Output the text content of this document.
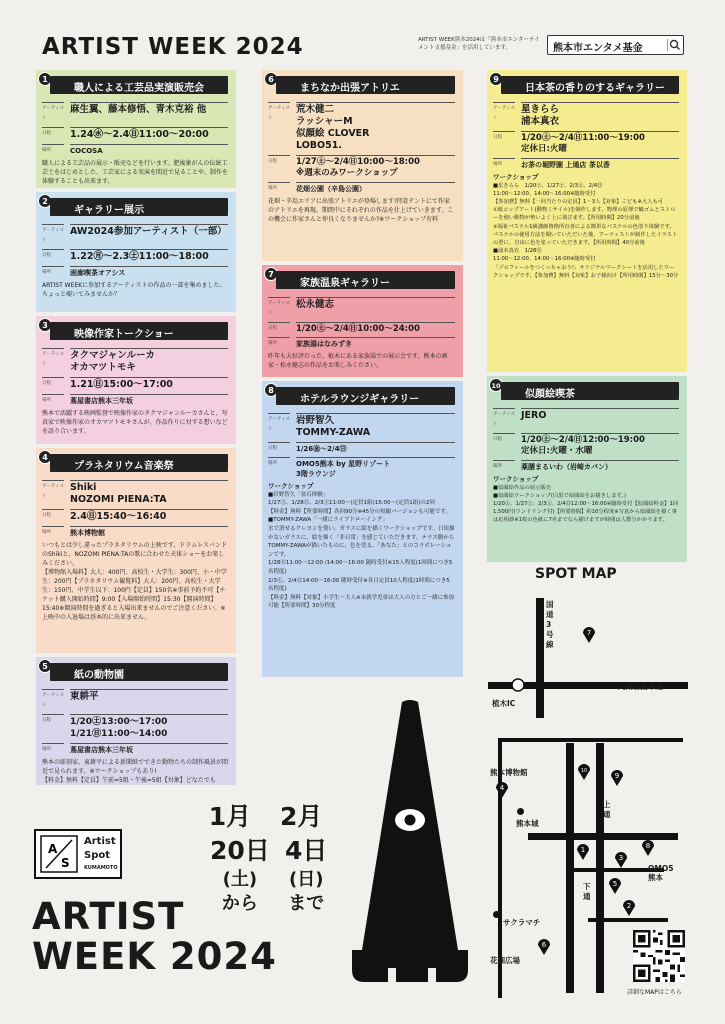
ARTIST WEEK 2024	ARTIST WEEK熊本2024は「熊本市エンターテイメント支援基金」を活用しています。	熊本市エンタメ基金
1
職人による工芸品実演販売会
アーティスト
麻生翼、藤本修悟、青木克裕 他
日程	1.24㊌〜2.4㊐11:00〜20:00
場所	COCOSA
職人による工芸品の展示・販売などを行います。肥後象がんの伝統工芸士をはじめとした、工芸家による実演を間近で見ることや、制作を体験することも出来ます。
2
ギャラリー展示
アーティスト
AW2024参加アーティスト（一部）
日程	1.22㊊〜2.3㊏11:00〜18:00
場所	画廊喫茶オアシス
ARTIST WEEKに参加するアーティストの作品の一部を集めました。ちょっと覗いてみませんか？
3
映像作家トークショー
アーティスト
タクマジャンルーカ
オカマツトモキ
日程	1.21㊐15:00〜17:00
場所	蔦屋書店熊本三年坂
熊本で活躍する映画監督で映像作家のタクマジャンルーカさんと、写真家で映像作家のオカマツトモキさんが、作品作りに対する想いなどを語り合います。
4
プラネタリウム音楽祭
アーティスト
Shiki
NOZOMI PIENA:TA
日程	2.4㊐15:40〜16:40
場所	熊本博物館
いつもとは少し違ったプラネタリウムの上映です。ドラムレスバンドのShikiと、NOZOMI PIENA:TAの歌に合わせた天体ショーをお楽しみください。
【博物館入場料】大人：400円、高校生・大学生：300円、小・中学生：200円【プラネタリウム観覧料】大人：200円、高校生・大学生：150円、中学生以下：100円【定員】150名※事前予約不可【チケット購入開始時間】9:00【入場開始時間】15:30【開演時間】15:40※開演時間を過ぎると入場出来ませんのでご注意ください。※上映中の入退場は基本的に出来ません。
5
紙の動物園
アーティスト
東耕平
日程	1/20㊏13:00〜17:00
1/21㊐11:00〜14:00
場所	蔦屋書店熊本三年坂
熊本の彫刻家、東耕平による新聞紙でできた動物たちの制作風景が間近で見られます。※ワークショップもあり!
【料金】無料【定員】午前=5組・午後=5組【対象】どなたでも
6
まちなか出張アトリエ
アーティスト
荒木健二
ラッシャーM
似顔絵 CLOVER
LOBO51.
日程	1/27㊏〜2/4㊐10:00〜18:00
※週末のみワークショップ
場所	花畑公園（辛島公園）
花畑・辛島エリアに出張アトリエが登場します!特設テントにて作家のアトリエを再現。期間中にそれぞれの作品を仕上げていきます。この機会に作家さんと仲良くなりませんか?※ワークショップ有料
7
家族温泉ギャラリー
アーティスト
松永健志
日程	1/20㊏〜2/4㊐10:00〜24:00
場所	家族湯はなみずき
昨年も大好評だった、植木にある家族湯での展示会です。熊本の画家・松永健志の作品をお楽しみください。
8
ホテルラウンジギャラリー
アーティスト
岩野智久
TOMMY-ZAWA
日程	1/26㊎〜2/4㊐
場所	OMO5熊本 by 星野リゾート
3階ラウンジ
ワークショップ
■岩野智久「盆石体験」
1/27㊏、1/28㊐、2/3㊏11:00〜(定員1組)15:00〜(定員1組)の2回
【料金】無料【所要時間】各回90分※45分の短縮バージョンも可能です。
■TOMMY-ZAWA「一緒にライブドローイング」
水で消せるクレヨンを使い、ガラスに絵を描くワークショップです。日頃描かないガラスに、絵を描く「非日常」を感じていただきます。テラス側からTOMMY-ZAWAが描いたものに、色を塗る、「あなた」とのコラボレーションです。
1/28㊐11:00〜12:00 /14:00〜16:00 随時受付※15人程度(1時間につき5名程度)
2/3㊏、2/4㊐14:00〜16:00 随時受付※各日定員10人程度(1時間につき5名程度)
【料金】無料【対象】小学生〜大人※未就学児童は大人の方とご一緒に参加可能【所要時間】30分程度
9
日本茶の香りのするギャラリー
アーティスト
星きらら
浦本真衣
日程	1/20㊏〜2/4㊐11:00〜19:00
定休日:火曜
場所	お茶の堀野園 上通店 茶以香
ワークショップ
■星きらら　1/20㊏、1/27㊏、2/3㊏、2/4㊐
11:00〜12:00、14:00〜16:00※随時受付
【参加費】無料【一回当たりの定員】1〜3人【対象】こども※大人も可
①紙コップアート(動物ミサイル)を制作します。物理の原理で輪ゴムとストローを使い動物が勢いよく上に飛びます。【所用時間】20分前後
②福祉パステル1級講師資格所有者による簡単なパステルの色塗り体験です。パステルの使用方法を聞いていただいた後、アーティストが制作したイラストの型に、自由に色を塗っていただきます。【所用時間】40分前後
■浦本真衣　1/28㊐
11:00〜12:00、14:00〜16:00※随時受付
「プロフィールをつくっちゃおう!」オリジナルワークシートを活用したワークショップです。【参加費】無料【対象】お子様向け【所用時間】15分〜30分
10
似顔絵喫茶
アーティスト
JERO
日程	1/20㊏〜2/4㊐12:00〜19:00
定休日:火曜・水曜
場所	薬膳まるいわ（岩崎カバン）
ワークショップ
■似顔絵作品の展示販売
■似顔絵ワークショップ(白黒で似顔絵をお描きします。)
1/20㊏、1/27㊏、2/3㊏、2/4㊐12:00〜16:00※随時受付【似顔絵料金】1回1,500円(ワンドリンク付)【所要時間】約10分程度※写真から似顔絵を描く事は応相談※1枚の色紙に7名までなら描けますが時間は人数分かかります。
A
S
Artist
Spot
KUMAMOTO
ARTIST
WEEK 2024
1月
20日
(土)
から
2月
4日
(日)
まで
SPOT MAP
7
4
10
9
8
1
3
5
2
6
国道3号線
九州自動車道
植木IC
熊本博物館
熊本城
上通
下通
OMO5
熊本
サクラマチ
花畑広場
詳細なMAPはこちら
